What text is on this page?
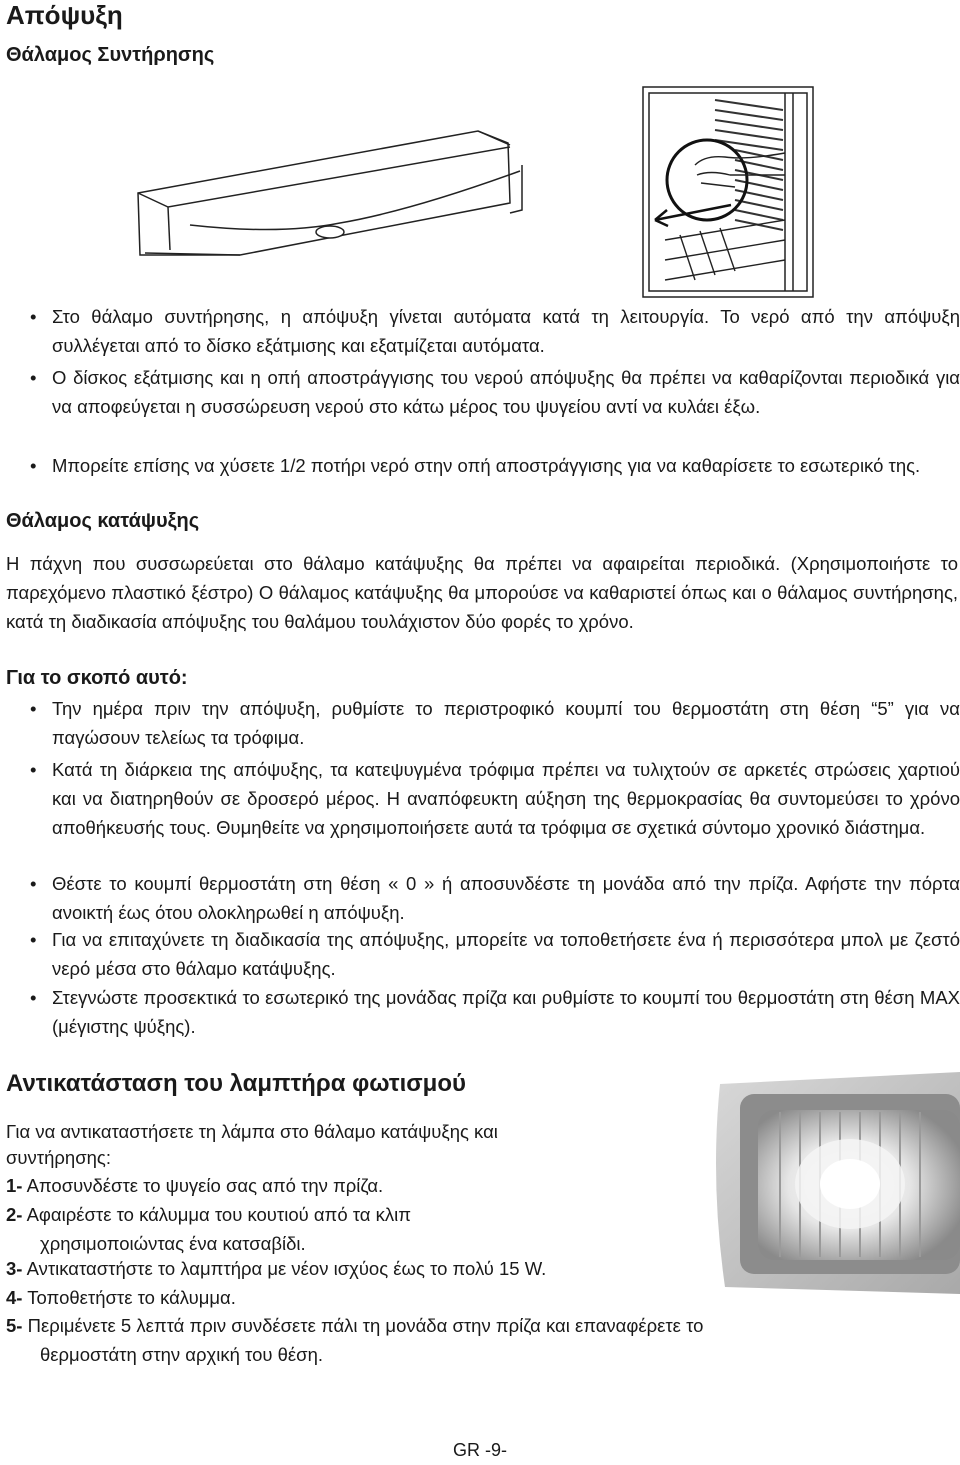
Απόψυξη
Θάλαμος Συντήρησης
• Στο θάλαμο συντήρησης, η απόψυξη γίνεται αυτόματα κατά τη λειτουργία. Το νερό από την απόψυξη συλλέγεται από το δίσκο εξάτμισης και εξατμίζεται αυτόματα.
• Ο δίσκος εξάτμισης και η οπή αποστράγγισης του νερού απόψυξης θα πρέπει να καθαρίζονται περιοδικά για να αποφεύγεται η συσσώρευση νερού στο κάτω μέρος του ψυγείου αντί να κυλάει έξω.
• Μπορείτε επίσης να χύσετε 1/2 ποτήρι νερό στην οπή αποστράγγισης για να καθαρίσετε το εσωτερικό της.
Θάλαμος κατάψυξης
Η πάχνη που συσσωρεύεται στο θάλαμο κατάψυξης θα πρέπει να αφαιρείται περιοδικά. (Χρησιμοποιήστε το παρεχόμενο πλαστικό ξέστρο) Ο θάλαμος κατάψυξης θα μπορούσε να καθαριστεί όπως και ο θάλαμος συντήρησης, κατά τη διαδικασία απόψυξης του θαλάμου τουλάχιστον δύο φορές το χρόνο.
Για το σκοπό αυτό:
• Την ημέρα πριν την απόψυξη, ρυθμίστε το περιστροφικό κουμπί του θερμοστάτη στη θέση “5” για να παγώσουν τελείως τα τρόφιμα.
• Κατά τη διάρκεια της απόψυξης, τα κατεψυγμένα τρόφιμα πρέπει να τυλιχτούν σε αρκετές στρώσεις χαρτιού και να διατηρηθούν σε δροσερό μέρος. Η αναπόφευκτη αύξηση της θερμοκρασίας θα συντομεύσει το χρόνο αποθήκευσής τους. Θυμηθείτε να χρησιμοποιήσετε αυτά τα τρόφιμα σε σχετικά σύντομο χρονικό διάστημα.
• Θέστε το κουμπί θερμοστάτη στη θέση « 0 » ή αποσυνδέστε τη μονάδα από την πρίζα. Αφήστε την πόρτα ανοικτή έως ότου ολοκληρωθεί η απόψυξη.
• Για να επιταχύνετε τη διαδικασία της απόψυξης, μπορείτε να τοποθετήσετε ένα ή περισσότερα μπολ με ζεστό νερό μέσα στο θάλαμο κατάψυξης.
• Στεγνώστε προσεκτικά το εσωτερικό της μονάδας πρίζα και ρυθμίστε το κουμπί του θερμοστάτη στη θέση MAX (μέγιστης ψύξης).
Αντικατάσταση του λαμπτήρα φωτισμού
Για να αντικαταστήσετε τη λάμπα στο θάλαμο κατάψυξης και
συντήρησης:
1- Αποσυνδέστε το ψυγείο σας από την πρίζα.
2- Αφαιρέστε το κάλυμμα του κουτιού από τα κλιπ
χρησιμοποιώντας ένα κατσαβίδι.
3- Αντικαταστήστε το λαμπτήρα με νέον ισχύος έως το πολύ 15 W.
4- Τοποθετήστε το κάλυμμα.
5- Περιμένετε 5 λεπτά πριν συνδέσετε πάλι τη μονάδα στην πρίζα και επαναφέρετε το
θερμοστάτη στην αρχική του θέση.
GR -9-
